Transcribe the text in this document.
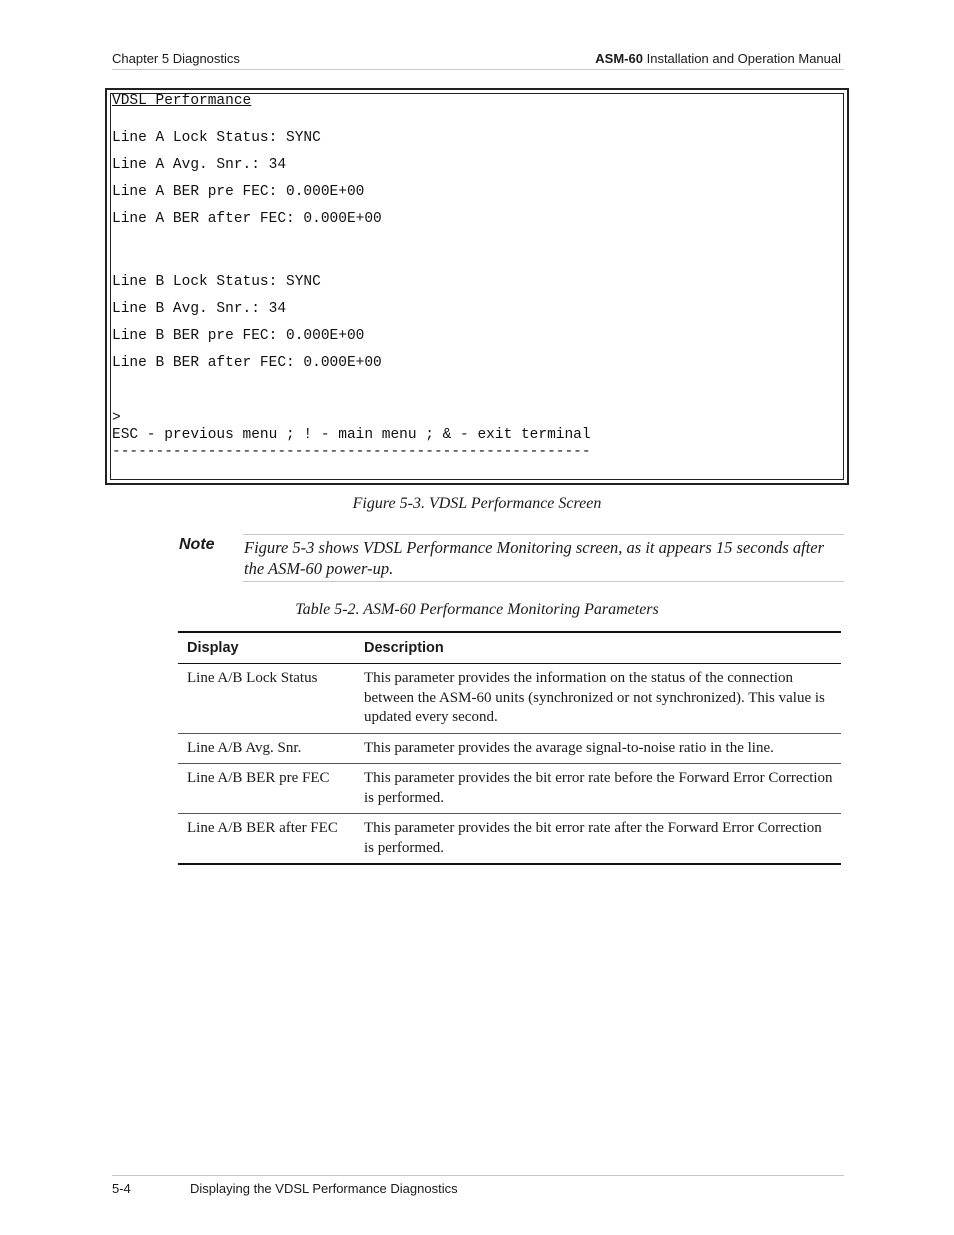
Chapter 5 Diagnostics	ASM-60 Installation and Operation Manual
VDSL Performance
Line A Lock Status: SYNC
Line A Avg. Snr.: 34
Line A BER pre FEC: 0.000E+00
Line A BER after FEC: 0.000E+00
Line B Lock Status: SYNC
Line B Avg. Snr.: 34
Line B BER pre FEC: 0.000E+00
Line B BER after FEC: 0.000E+00
>
ESC - previous menu ; ! - main menu ; & - exit terminal
-------------------------------------------------------
Figure 5-3. VDSL Performance Screen
Note Figure 5-3 shows VDSL Performance Monitoring screen, as it appears 15 seconds after the ASM-60 power-up.
Table 5-2. ASM-60 Performance Monitoring Parameters
Display	Description
Line A/B Lock Status	This parameter provides the information on the status of the connection between the ASM-60 units (synchronized or not synchronized). This value is updated every second.
Line A/B Avg. Snr.	This parameter provides the avarage signal-to-noise ratio in the line.
Line A/B BER pre FEC	This parameter provides the bit error rate before the Forward Error Correction is performed.
Line A/B BER after FEC	This parameter provides the bit error rate after the Forward Error Correction is performed.
5-4	Displaying the VDSL Performance Diagnostics
